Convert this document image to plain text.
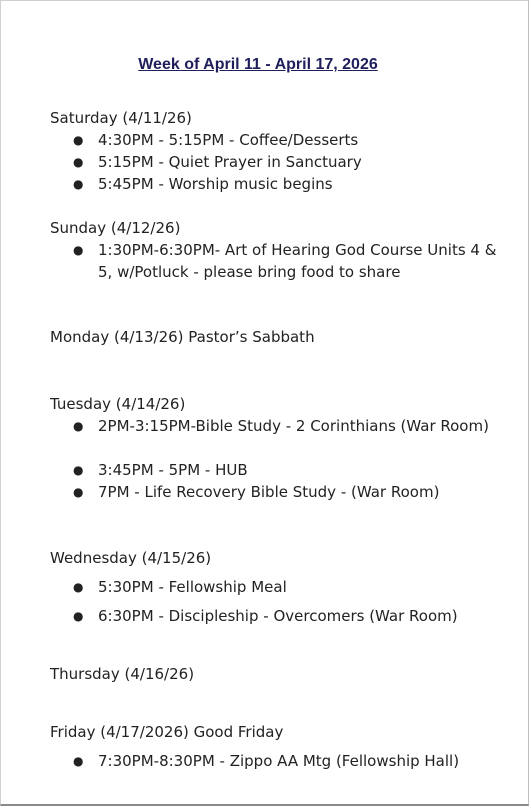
Week of April 11 - April 17, 2026
Saturday (4/11/26)
● 4:30PM - 5:15PM - Coffee/Desserts
● 5:15PM - Quiet Prayer in Sanctuary
● 5:45PM - Worship music begins
Sunday (4/12/26)
● 1:30PM-6:30PM- Art of Hearing God Course Units 4 & 5, w/Potluck - please bring food to share
Monday (4/13/26) Pastor’s Sabbath
Tuesday (4/14/26)
● 2PM-3:15PM-Bible Study - 2 Corinthians (War Room)
● 3:45PM - 5PM - HUB
● 7PM - Life Recovery Bible Study - (War Room)
Wednesday (4/15/26)
● 5:30PM - Fellowship Meal
● 6:30PM - Discipleship - Overcomers (War Room)
Thursday (4/16/26)
Friday (4/17/2026) Good Friday
● 7:30PM-8:30PM - Zippo AA Mtg (Fellowship Hall)
